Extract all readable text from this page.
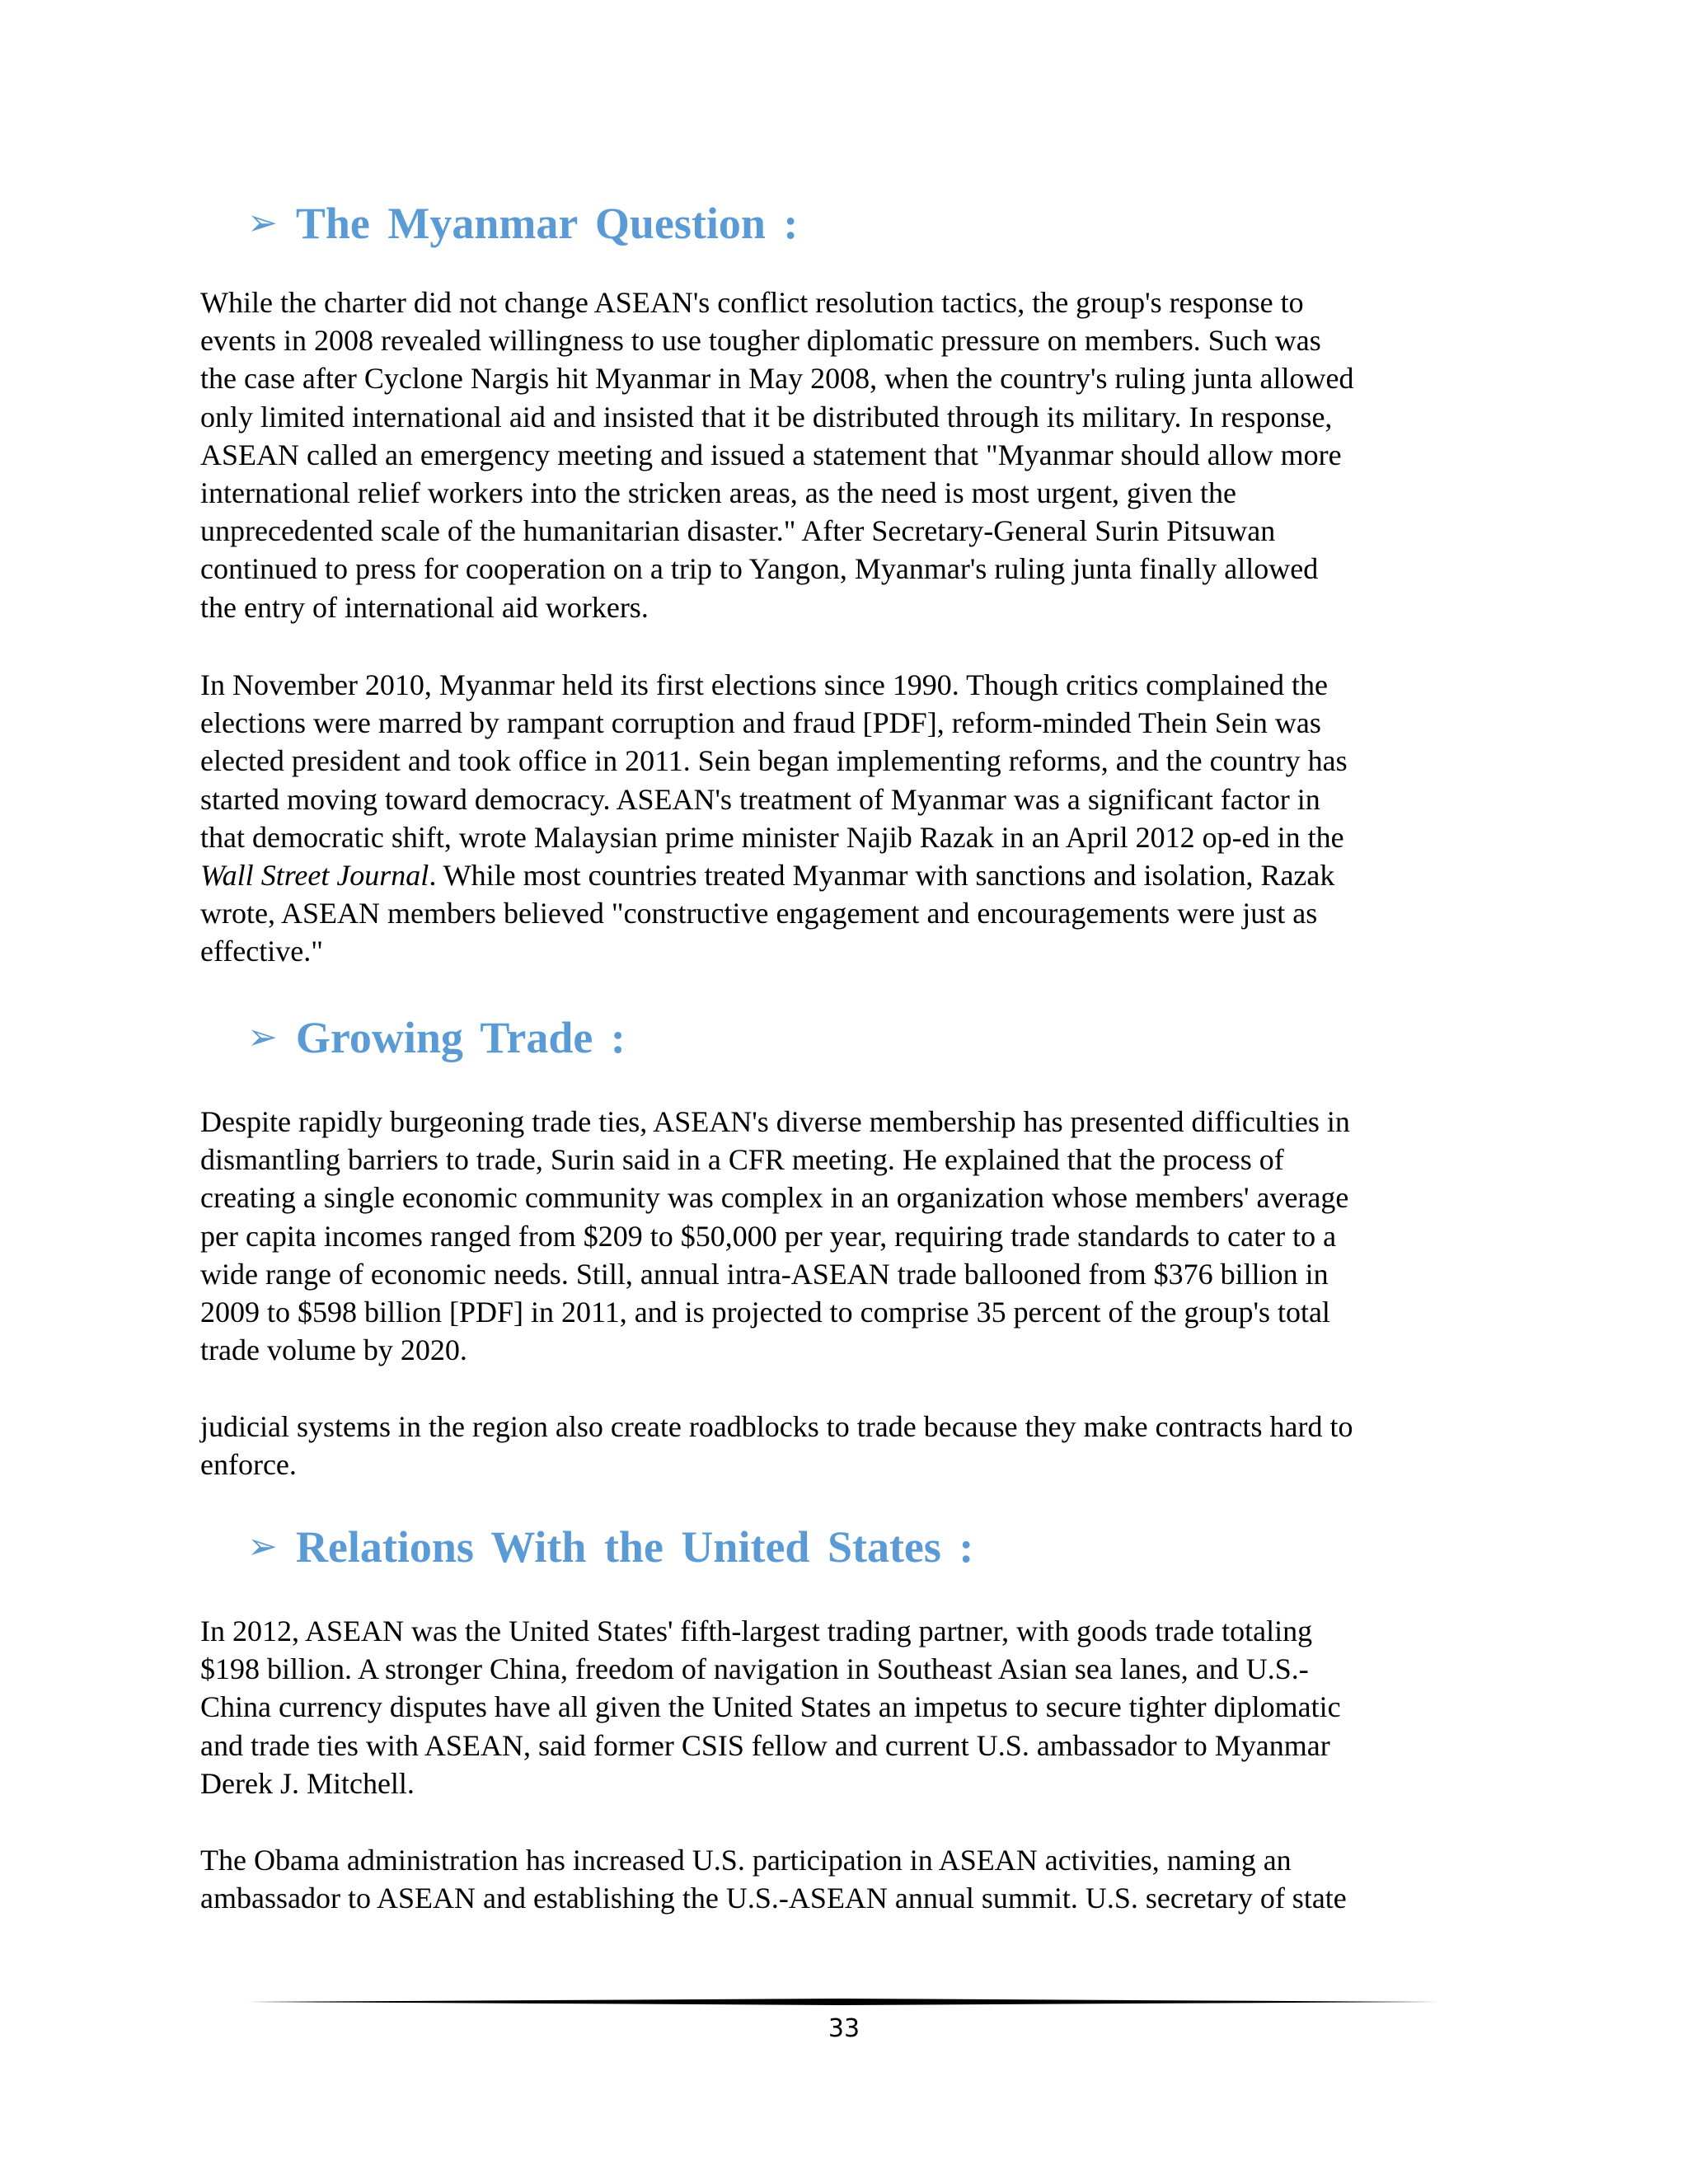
➢ The Myanmar Question :
While the charter did not change ASEAN's conflict resolution tactics, the group's response to
events in 2008 revealed willingness to use tougher diplomatic pressure on members. Such was
the case after Cyclone Nargis hit Myanmar in May 2008, when the country's ruling junta allowed
only limited international aid and insisted that it be distributed through its military. In response,
ASEAN called an emergency meeting and issued a statement that "Myanmar should allow more
international relief workers into the stricken areas, as the need is most urgent, given the
unprecedented scale of the humanitarian disaster." After Secretary-General Surin Pitsuwan
continued to press for cooperation on a trip to Yangon, Myanmar's ruling junta finally allowed
the entry of international aid workers.
In November 2010, Myanmar held its first elections since 1990. Though critics complained the
elections were marred by rampant corruption and fraud [PDF], reform-minded Thein Sein was
elected president and took office in 2011. Sein began implementing reforms, and the country has
started moving toward democracy. ASEAN's treatment of Myanmar was a significant factor in
that democratic shift, wrote Malaysian prime minister Najib Razak in an April 2012 op-ed in the
Wall Street Journal. While most countries treated Myanmar with sanctions and isolation, Razak
wrote, ASEAN members believed "constructive engagement and encouragements were just as
effective."
➢ Growing Trade :
Despite rapidly burgeoning trade ties, ASEAN's diverse membership has presented difficulties in
dismantling barriers to trade, Surin said in a CFR meeting. He explained that the process of
creating a single economic community was complex in an organization whose members' average
per capita incomes ranged from $209 to $50,000 per year, requiring trade standards to cater to a
wide range of economic needs. Still, annual intra-ASEAN trade ballooned from $376 billion in
2009 to $598 billion [PDF] in 2011, and is projected to comprise 35 percent of the group's total
trade volume by 2020.
judicial systems in the region also create roadblocks to trade because they make contracts hard to
enforce.
➢ Relations With the United States :
In 2012, ASEAN was the United States' fifth-largest trading partner, with goods trade totaling
$198 billion. A stronger China, freedom of navigation in Southeast Asian sea lanes, and U.S.-
China currency disputes have all given the United States an impetus to secure tighter diplomatic
and trade ties with ASEAN, said former CSIS fellow and current U.S. ambassador to Myanmar
Derek J. Mitchell.
The Obama administration has increased U.S. participation in ASEAN activities, naming an
ambassador to ASEAN and establishing the U.S.-ASEAN annual summit. U.S. secretary of state
33
